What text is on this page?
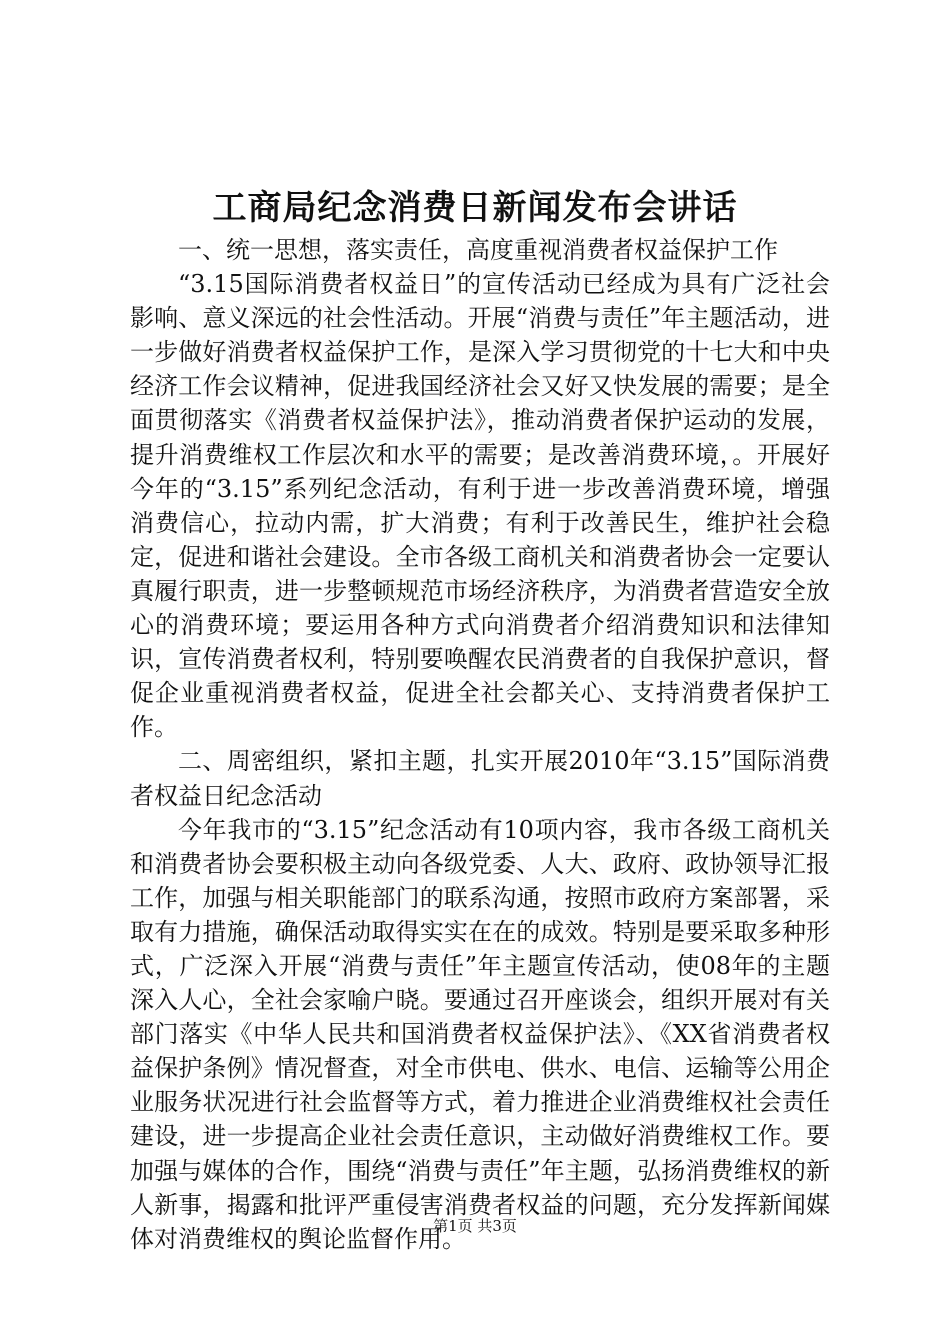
工商局纪念消费日新闻发布会讲话

一、统一思想，落实责任，高度重视消费者权益保护工作

“3.15国际消费者权益日”的宣传活动已经成为具有广泛社会影响、意义深远的社会性活动。开展“消费与责任”年主题活动，进一步做好消费者权益保护工作，是深入学习贯彻党的十七大和中央经济工作会议精神，促进我国经济社会又好又快发展的需要；是全面贯彻落实《消费者权益保护法》，推动消费者保护运动的发展，提升消费维权工作层次和水平的需要；是改善消费环境，。开展好今年的“3.15”系列纪念活动，有利于进一步改善消费环境，增强消费信心，拉动内需，扩大消费；有利于改善民生，维护社会稳定，促进和谐社会建设。全市各级工商机关和消费者协会一定要认真履行职责，进一步整顿规范市场经济秩序，为消费者营造安全放心的消费环境；要运用各种方式向消费者介绍消费知识和法律知识，宣传消费者权利，特别要唤醒农民消费者的自我保护意识，督促企业重视消费者权益，促进全社会都关心、支持消费者保护工作。

二、周密组织，紧扣主题，扎实开展2010年“3.15”国际消费者权益日纪念活动

今年我市的“3.15”纪念活动有10项内容，我市各级工商机关和消费者协会要积极主动向各级党委、人大、政府、政协领导汇报工作，加强与相关职能部门的联系沟通，按照市政府方案部署，采取有力措施，确保活动取得实实在在的成效。特别是要采取多种形式，广泛深入开展“消费与责任”年主题宣传活动，使08年的主题深入人心，全社会家喻户晓。要通过召开座谈会，组织开展对有关部门落实《中华人民共和国消费者权益保护法》、《XX省消费者权益保护条例》情况督查，对全市供电、供水、电信、运输等公用企业服务状况进行社会监督等方式，着力推进企业消费维权社会责任建设，进一步提高企业社会责任意识，主动做好消费维权工作。要加强与媒体的合作，围绕“消费与责任”年主题，弘扬消费维权的新人新事，揭露和批评严重侵害消费者权益的问题，充分发挥新闻媒体对消费维权的舆论监督作用。

第1页 共3页
